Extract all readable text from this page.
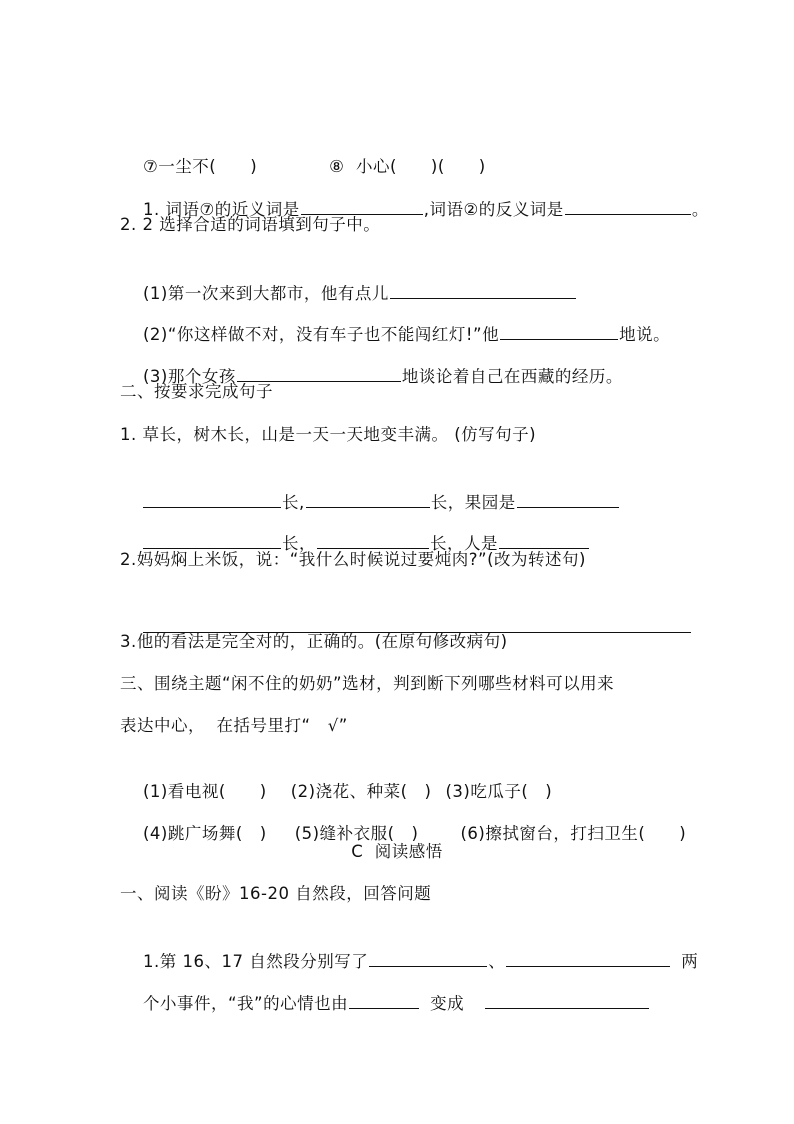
⑦一尘不(　　)	⑧  小心(　　)(　　)

1. 词语⑦的近义词是	,词语②的反义词是	。

2. 2 选择合适的词语填到句子中。

(1)第一次来到大都市，他有点儿

(2)“你这样做不对，没有车子也不能闯红灯!”他	地说。

(3)那个女孩	地谈论着自己在西藏的经历。

二、按要求完成句子
1. 草长，树木长，山是一天一天地变丰满。 (仿写句子)

长,	长，果园是

长，	长，人是

2.妈妈焖上米饭，说：“我什么时候说过要炖肉?”(改为转述句)

3.他的看法是完全对的，正确的。(在原句修改病句)
三、围绕主题“闲不住的奶奶”选材，判到断下列哪些材料可以用来
表达中心，  在括号里打“   √”

(1)看电视(　　) (2)浇花、种菜(　) (3)吃瓜子(　)

(4)跳广场舞(　) (5)缝补衣服(　)	(6)擦拭窗台，打扫卫生(　　)

C  阅读感悟
一、阅读《盼》16-20 自然段，回答问题

1.第 16、17 自然段分别写了	、	两

个小事件，“我”的心情也由	变成
